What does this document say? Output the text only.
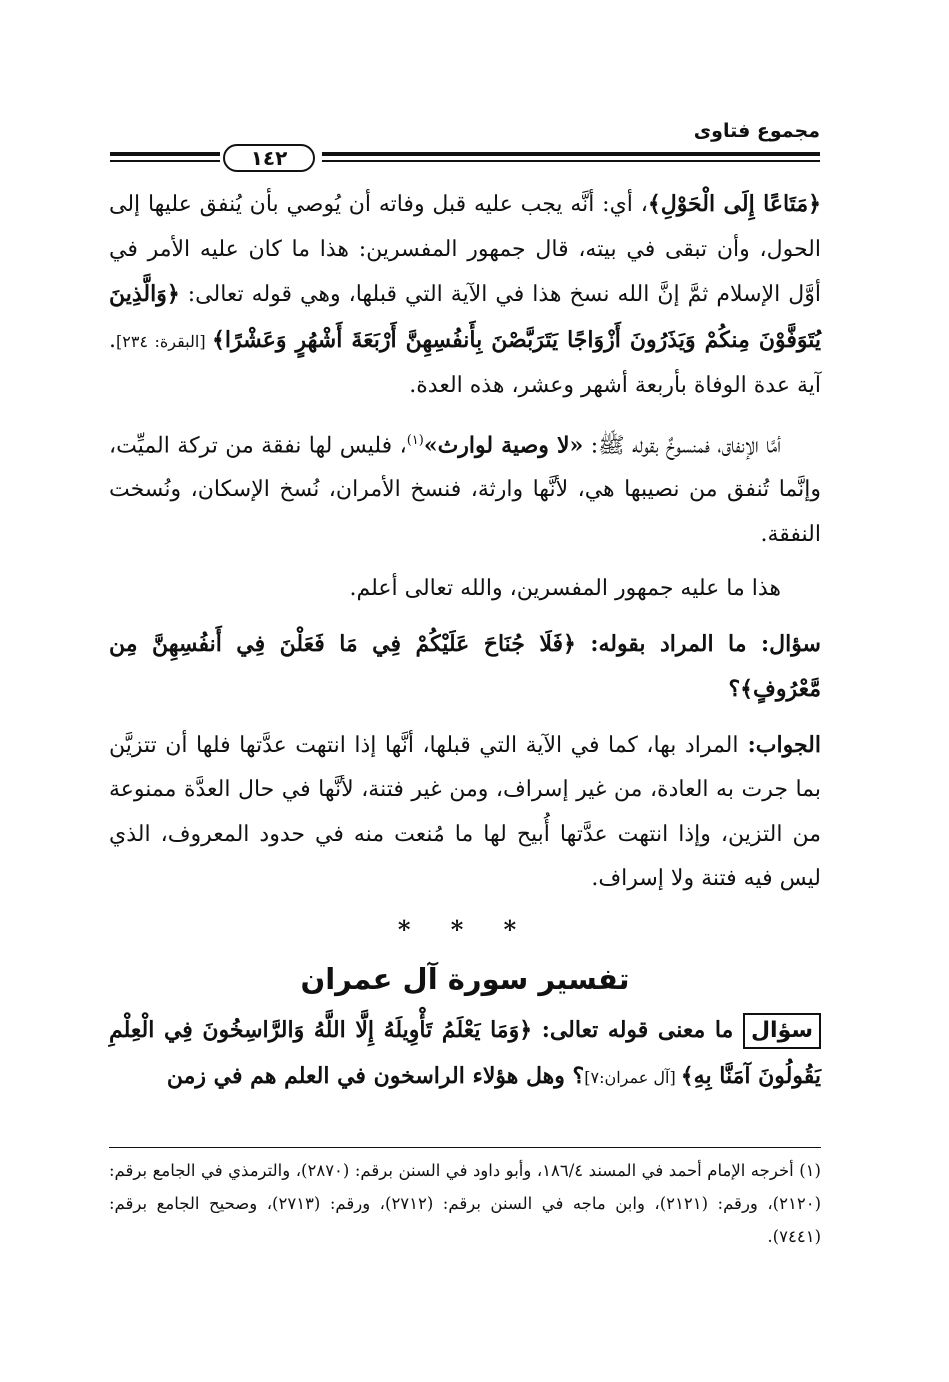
مجموع فتاوى
١٤٢

﴿مَتَاعًا إِلَى الْحَوْلِ﴾، أي: أنَّه يجب عليه قبل وفاته أن يُوصي بأن يُنفق عليها إلى الحول، وأن تبقى في بيته، قال جمهور المفسرين: هذا ما كان عليه الأمر في أوَّل الإسلام ثمَّ إنَّ الله نسخ هذا في الآية التي قبلها، وهي قوله تعالى: ﴿وَالَّذِينَ يُتَوَفَّوْنَ مِنكُمْ وَيَذَرُونَ أَزْوَاجًا يَتَرَبَّصْنَ بِأَنفُسِهِنَّ أَرْبَعَةَ أَشْهُرٍ وَعَشْرًا﴾ [البقرة: ٢٣٤]. آية عدة الوفاة بأربعة أشهر وعشر، هذه العدة.

أمَّا الإنفاق، فمنسوخٌ بقوله ﷺ: «لا وصية لوارث»$^{(١)}$، فليس لها نفقة من تركة الميِّت، وإنَّما تُنفق من نصيبها هي، لأنَّها وارثة، فنسخ الأمران، نُسخ الإسكان، ونُسخت النفقة.

هذا ما عليه جمهور المفسرين، والله تعالى أعلم.

سؤال: ما المراد بقوله: ﴿فَلَا جُنَاحَ عَلَيْكُمْ فِي مَا فَعَلْنَ فِي أَنفُسِهِنَّ مِن مَّعْرُوفٍ﴾؟

الجواب: المراد بها، كما في الآية التي قبلها، أنَّها إذا انتهت عدَّتها فلها أن تتزيَّن بما جرت به العادة، من غير إسراف، ومن غير فتنة، لأنَّها في حال العدَّة ممنوعة من التزين، وإذا انتهت عدَّتها أُبيح لها ما مُنعت منه في حدود المعروف، الذي ليس فيه فتنة ولا إسراف.

* * *
تفسير سورة آل عمران

سؤال ما معنى قوله تعالى: ﴿وَمَا يَعْلَمُ تَأْوِيلَهُ إِلَّا اللَّهُ وَالرَّاسِخُونَ فِي الْعِلْمِ يَقُولُونَ آمَنَّا بِهِ﴾ [آل عمران:٧]؟ وهل هؤلاء الراسخون في العلم هم في زمن

(١) أخرجه الإمام أحمد في المسند ١٨٦/٤، وأبو داود في السنن برقم: (٢٨٧٠)، والترمذي في الجامع برقم: (٢١٢٠)، ورقم: (٢١٢١)، وابن ماجه في السنن برقم: (٢٧١٢)، ورقم: (٢٧١٣)، وصحيح الجامع برقم: (٧٤٤١).
